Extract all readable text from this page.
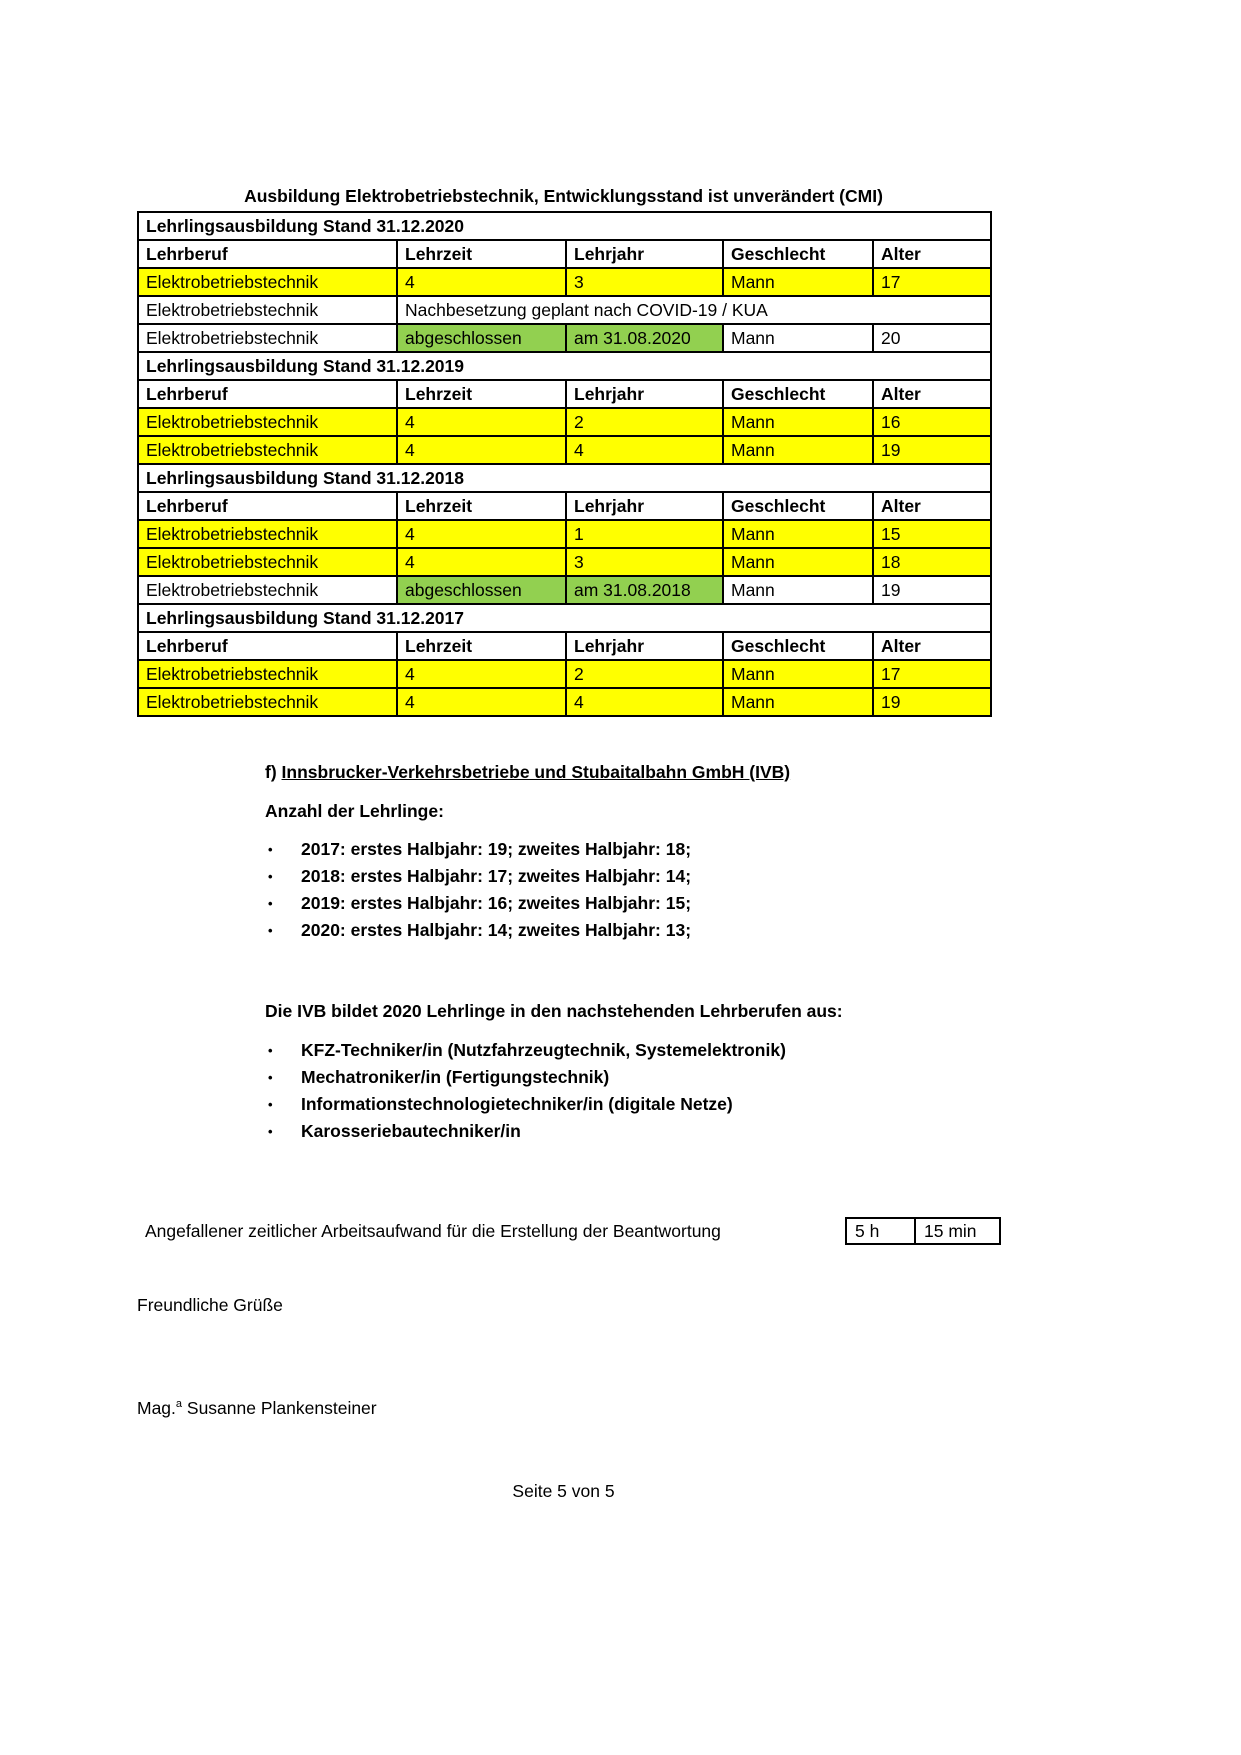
Ausbildung Elektrobetriebstechnik, Entwicklungsstand ist unverändert (CMI)
Lehrlingsausbildung Stand 31.12.2020				
Lehrberuf	Lehrzeit	Lehrjahr	Geschlecht	Alter
Elektrobetriebstechnik	4	3	Mann	17
Elektrobetriebstechnik	Nachbesetzung geplant nach COVID-19 / KUA			
Elektrobetriebstechnik	abgeschlossen	am 31.08.2020	Mann	20
Lehrlingsausbildung Stand 31.12.2019				
Lehrberuf	Lehrzeit	Lehrjahr	Geschlecht	Alter
Elektrobetriebstechnik	4	2	Mann	16
Elektrobetriebstechnik	4	4	Mann	19
Lehrlingsausbildung Stand 31.12.2018				
Lehrberuf	Lehrzeit	Lehrjahr	Geschlecht	Alter
Elektrobetriebstechnik	4	1	Mann	15
Elektrobetriebstechnik	4	3	Mann	18
Elektrobetriebstechnik	abgeschlossen	am 31.08.2018	Mann	19
Lehrlingsausbildung Stand 31.12.2017				
Lehrberuf	Lehrzeit	Lehrjahr	Geschlecht	Alter
Elektrobetriebstechnik	4	2	Mann	17
Elektrobetriebstechnik	4	4	Mann	19
f) Innsbrucker-Verkehrsbetriebe und Stubaitalbahn GmbH (IVB)
Anzahl der Lehrlinge:
•	2017: erstes Halbjahr: 19; zweites Halbjahr: 18;
•	2018: erstes Halbjahr: 17; zweites Halbjahr: 14;
•	2019: erstes Halbjahr: 16; zweites Halbjahr: 15;
•	2020: erstes Halbjahr: 14; zweites Halbjahr: 13;
Die IVB bildet 2020 Lehrlinge in den nachstehenden Lehrberufen aus:
•	KFZ-Techniker/in (Nutzfahrzeugtechnik, Systemelektronik)
•	Mechatroniker/in (Fertigungstechnik)
•	Informationstechnologietechniker/in (digitale Netze)
•	Karosseriebautechniker/in
Angefallener zeitlicher Arbeitsaufwand für die Erstellung der Beantwortung	5 h	15 min
Freundliche Grüße
Mag.$^a$ Susanne Plankensteiner
Seite 5 von 5
